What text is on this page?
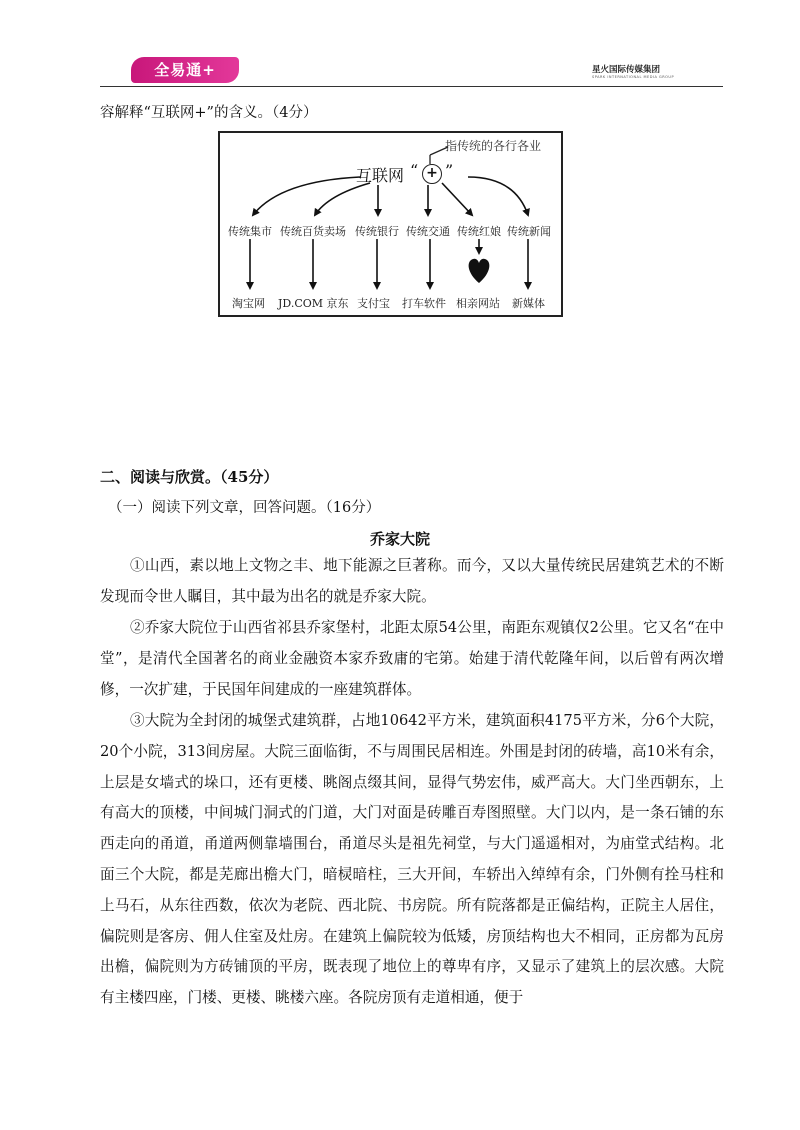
全易通+	星火国际传媒集团
SPARK INTERNATIONAL MEDIA GROUP
容解释“互联网+”的含义。（4分）
指传统的各行各业
互联网 “ + ”
传统集市 传统百货卖场 传统银行 传统交通 传统红娘 传统新闻
淘宝网 JD.COM 京东 支付宝 打车软件 相亲网站 新媒体
二、阅读与欣赏。（45分）
（一）阅读下列文章，回答问题。（16分）
乔家大院
①山西，素以地上文物之丰、地下能源之巨著称。而今，又以大量传统民居建筑艺术的不断发现而令世人瞩目，其中最为出名的就是乔家大院。
②乔家大院位于山西省祁县乔家堡村，北距太原54公里，南距东观镇仅2公里。它又名“在中堂”，是清代全国著名的商业金融资本家乔致庸的宅第。始建于清代乾隆年间，以后曾有两次增修，一次扩建，于民国年间建成的一座建筑群体。
③大院为全封闭的城堡式建筑群，占地10642平方米，建筑面积4175平方米，分6个大院，20个小院，313间房屋。大院三面临街，不与周围民居相连。外围是封闭的砖墙，高10米有余，上层是女墙式的垛口，还有更楼、眺阁点缀其间，显得气势宏伟，威严高大。大门坐西朝东，上有高大的顶楼，中间城门洞式的门道，大门对面是砖雕百寿图照壁。大门以内，是一条石铺的东西走向的甬道，甬道两侧靠墙围台，甬道尽头是祖先祠堂，与大门遥遥相对，为庙堂式结构。北面三个大院，都是芜廊出檐大门，暗棂暗柱，三大开间，车轿出入绰绰有余，门外侧有拴马柱和上马石，从东往西数，依次为老院、西北院、书房院。所有院落都是正偏结构，正院主人居住，偏院则是客房、佣人住室及灶房。在建筑上偏院较为低矮，房顶结构也大不相同，正房都为瓦房出檐，偏院则为方砖铺顶的平房，既表现了地位上的尊卑有序，又显示了建筑上的层次感。大院有主楼四座，门楼、更楼、眺楼六座。各院房顶有走道相通，便于
